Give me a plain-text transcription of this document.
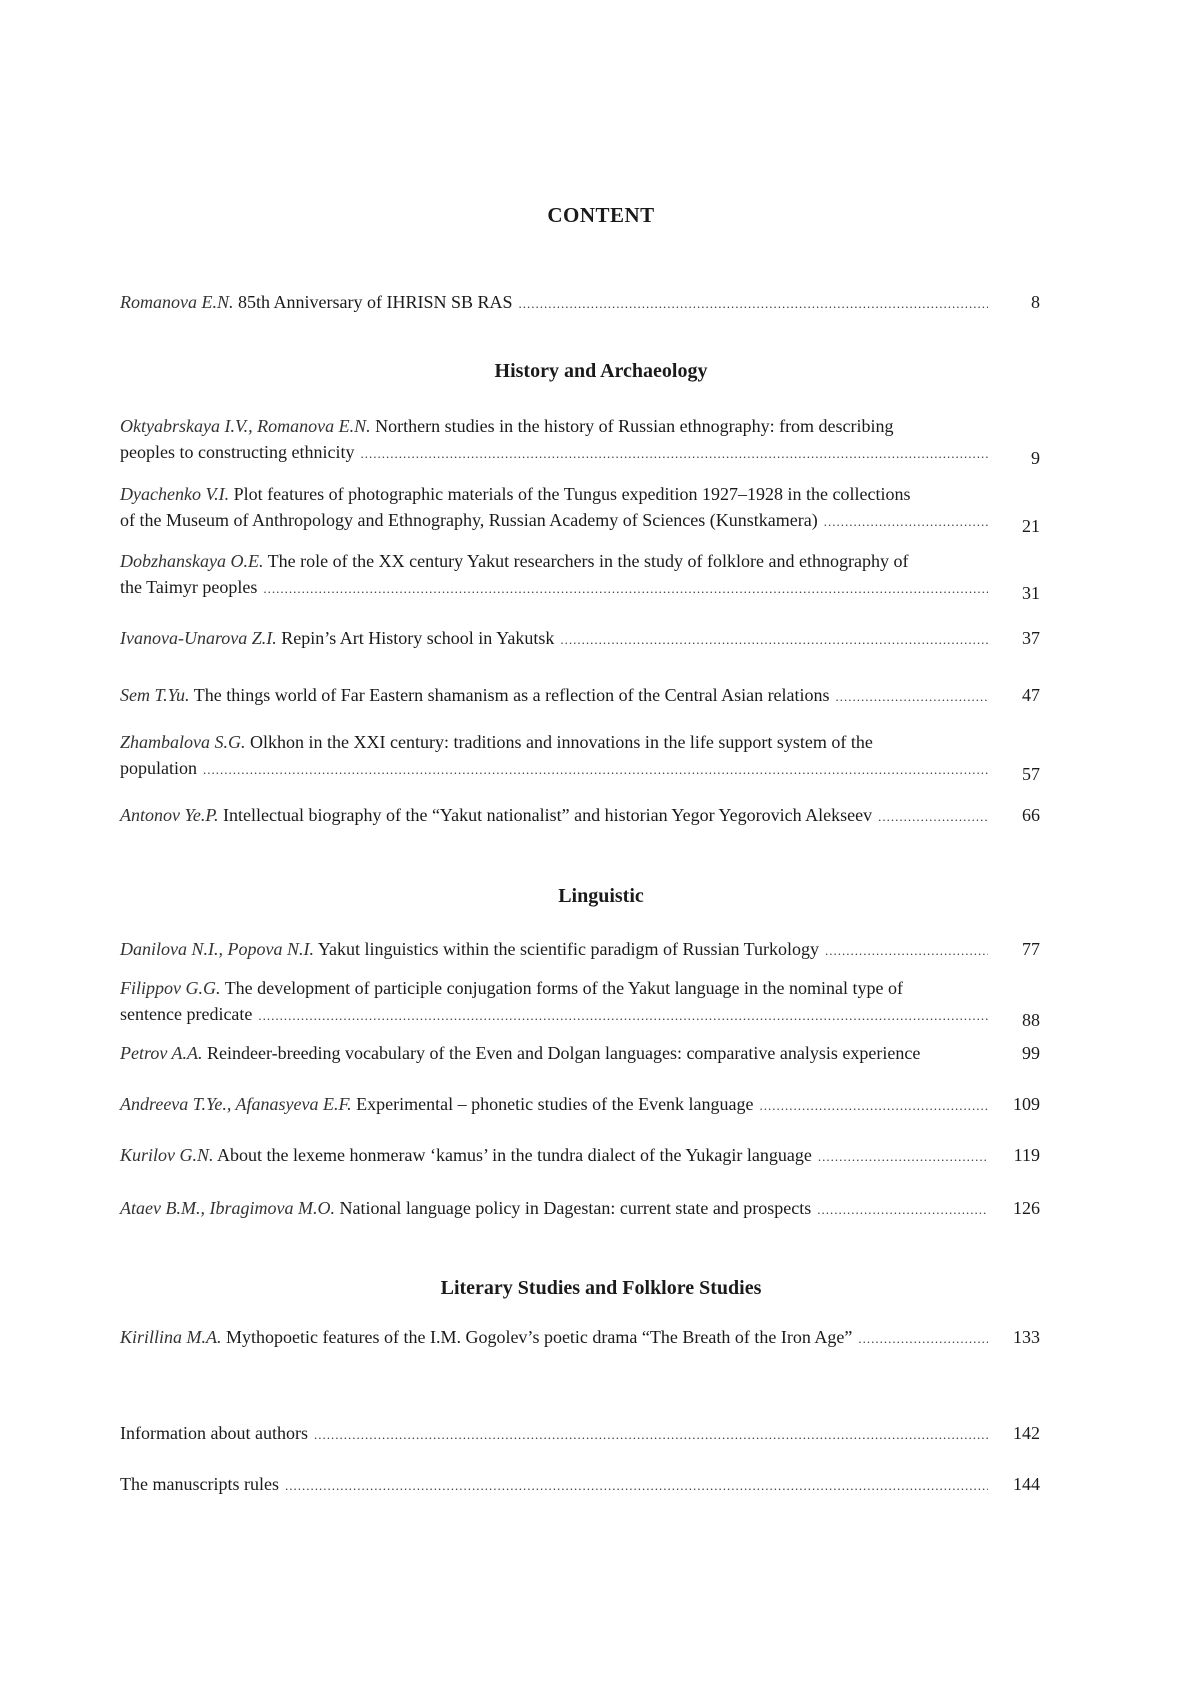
CONTENT
Romanova E.N. 85th Anniversary of IHRISN SB RAS .....	8
History and Archaeology
Oktyabrskaya I.V., Romanova E.N. Northern studies in the history of Russian ethnography: from describing
peoples to constructing ethnicity .....	9
Dyachenko V.I. Plot features of photographic materials of the Tungus expedition 1927–1928 in the collections
of the Museum of Anthropology and Ethnography, Russian Academy of Sciences (Kunstkamera) .....	21
Dobzhanskaya O.E. The role of the XX century Yakut researchers in the study of folklore and ethnography of
the Taimyr peoples .....	31
Ivanova-Unarova Z.I. Repin’s Art History school in Yakutsk .....	37
Sem T.Yu. The things world of Far Eastern shamanism as a reflection of the Central Asian relations .....	47
Zhambalova S.G. Olkhon in the XXI century: traditions and innovations in the life support system of the
population .....	57
Antonov Ye.P. Intellectual biography of the “Yakut nationalist” and historian Yegor Yegorovich Alekseev .....	66
Linguistic
Danilova N.I., Popova N.I. Yakut linguistics within the scientific paradigm of Russian Turkology .....	77
Filippov G.G. The development of participle conjugation forms of the Yakut language in the nominal type of
sentence predicate .....	88
Petrov A.A. Reindeer-breeding vocabulary of the Even and Dolgan languages: comparative analysis experience	99
Andreeva T.Ye., Afanasyeva E.F. Experimental – phonetic studies of the Evenk language .....	109
Kurilov G.N. About the lexeme honmeraw ‘kamus’ in the tundra dialect of the Yukagir language .....	119
Ataev B.M., Ibragimova M.O. National language policy in Dagestan: current state and prospects .....	126
Literary Studies and Folklore Studies
Kirillina M.A. Mythopoetic features of the I.M. Gogolev’s poetic drama “The Breath of the Iron Age” .....	133
Information about authors .....	142
The manuscripts rules .....	144
